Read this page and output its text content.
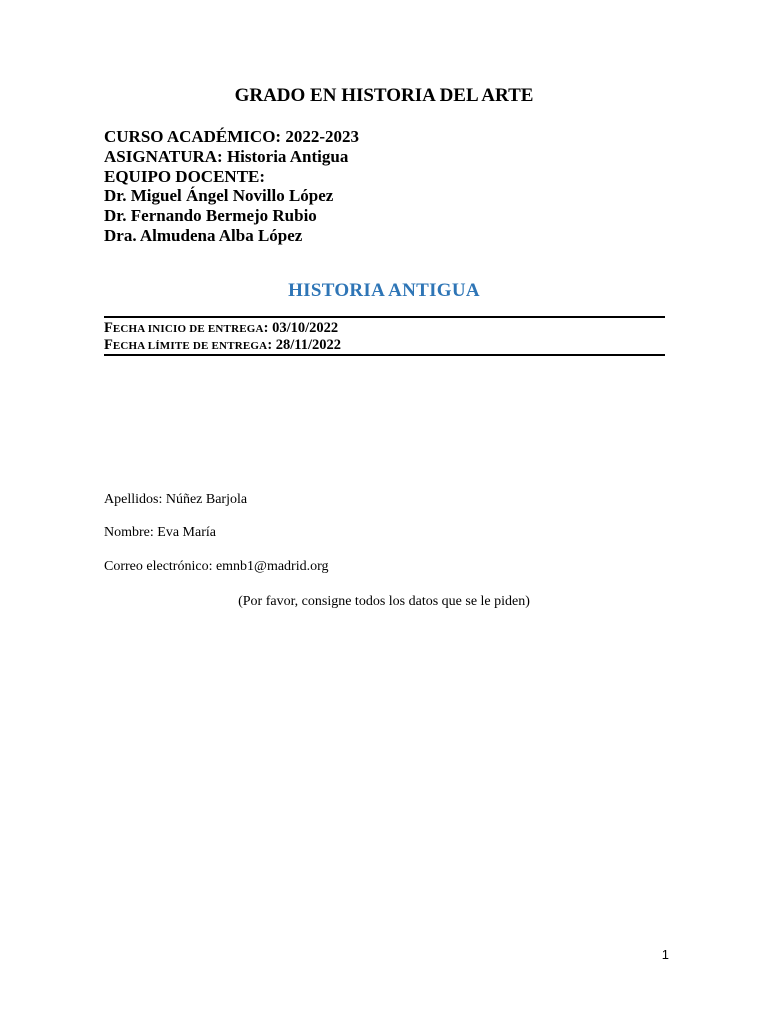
GRADO EN HISTORIA DEL ARTE
CURSO ACADÉMICO: 2022-2023
ASIGNATURA: Historia Antigua
EQUIPO DOCENTE:
Dr. Miguel Ángel Novillo López
Dr. Fernando Bermejo Rubio
Dra. Almudena Alba López
HISTORIA ANTIGUA
FECHA INICIO DE ENTREGA: 03/10/2022
FECHA LÍMITE DE ENTREGA: 28/11/2022
Apellidos: Núñez Barjola
Nombre: Eva María
Correo electrónico: emnb1@madrid.org
(Por favor, consigne todos los datos que se le piden)
1
